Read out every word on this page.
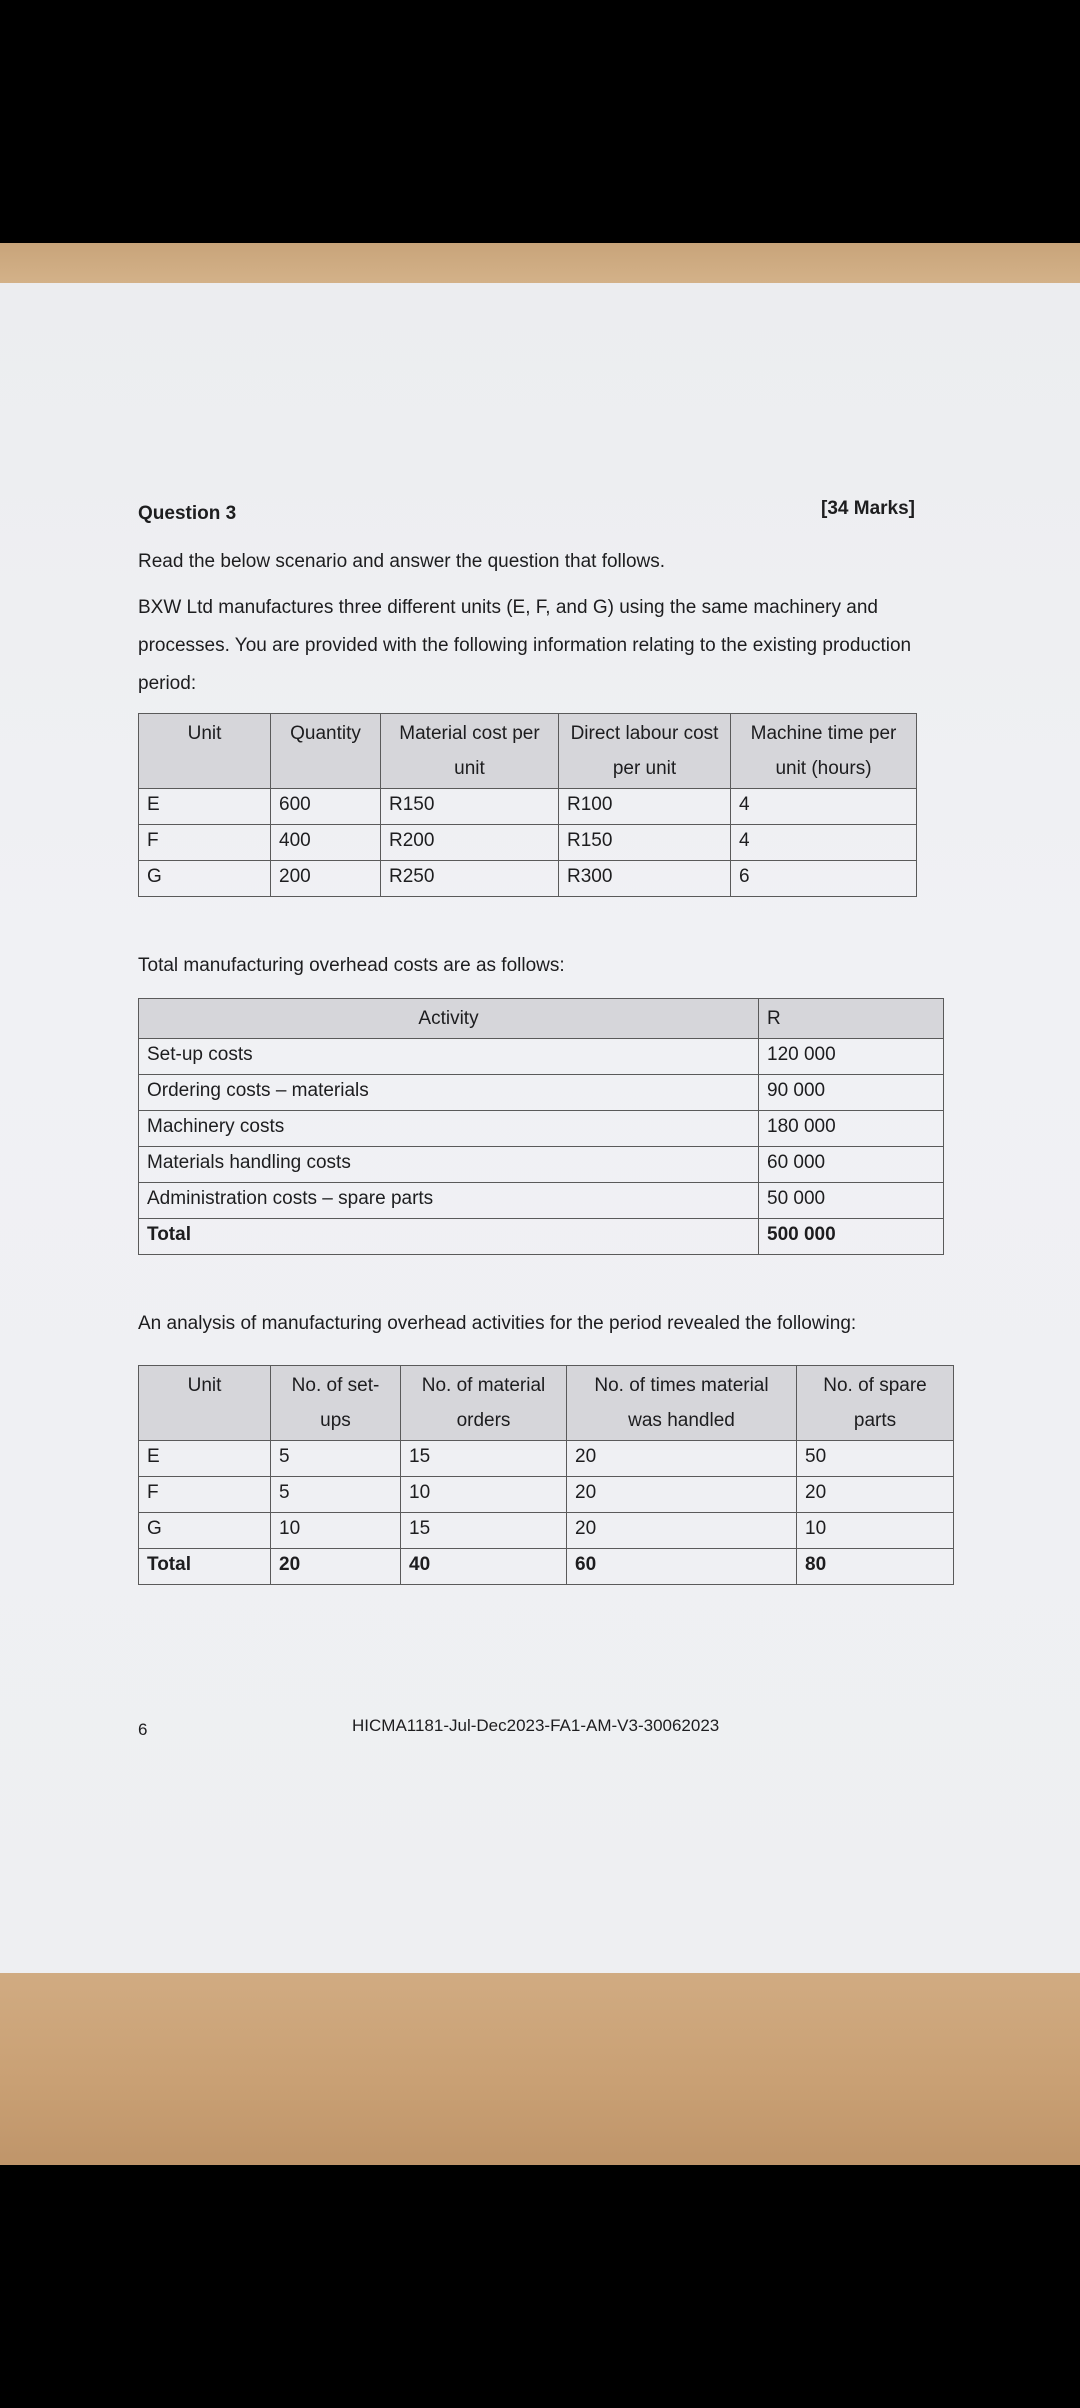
Question 3	[34 Marks]
Read the below scenario and answer the question that follows.
BXW Ltd manufactures three different units (E, F, and G) using the same machinery and processes. You are provided with the following information relating to the existing production period:
Unit	Quantity	Material cost per unit	Direct labour cost per unit	Machine time per unit (hours)
E	600	R150	R100	4
F	400	R200	R150	4
G	200	R250	R300	6
Total manufacturing overhead costs are as follows:
Activity	R
Set-up costs	120 000
Ordering costs – materials	90 000
Machinery costs	180 000
Materials handling costs	60 000
Administration costs – spare parts	50 000
Total	500 000
An analysis of manufacturing overhead activities for the period revealed the following:
Unit	No. of set-ups	No. of material orders	No. of times material was handled	No. of spare parts
E	5	15	20	50
F	5	10	20	20
G	10	15	20	10
Total	20	40	60	80
6	HICMA1181-Jul-Dec2023-FA1-AM-V3-30062023
